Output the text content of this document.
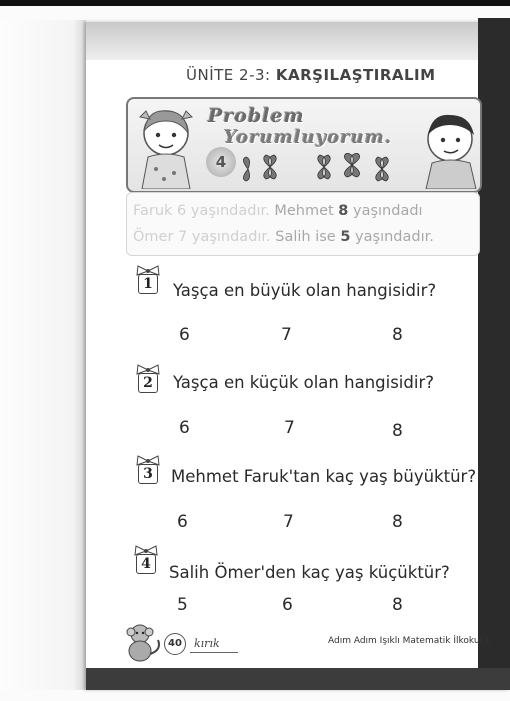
ÜNİTE 2-3: KARŞILAŞTIRALIM
Problem
Yorumluyorum.
4
Faruk 6 yaşındadır. Mehmet 8 yaşındadı
Ömer 7 yaşındadır. Salih ise 5 yaşındadır.
1	Yaşça en büyük olan hangisidir?
6	7	8
2	Yaşça en küçük olan hangisidir?
6	7	8
3	Mehmet Faruk'tan kaç yaş büyüktür?
6	7	8
4	Salih Ömer'den kaç yaş küçüktür?
5	6	8
40	kırık	Adım Adım Işıklı Matematik İlkokul 1
